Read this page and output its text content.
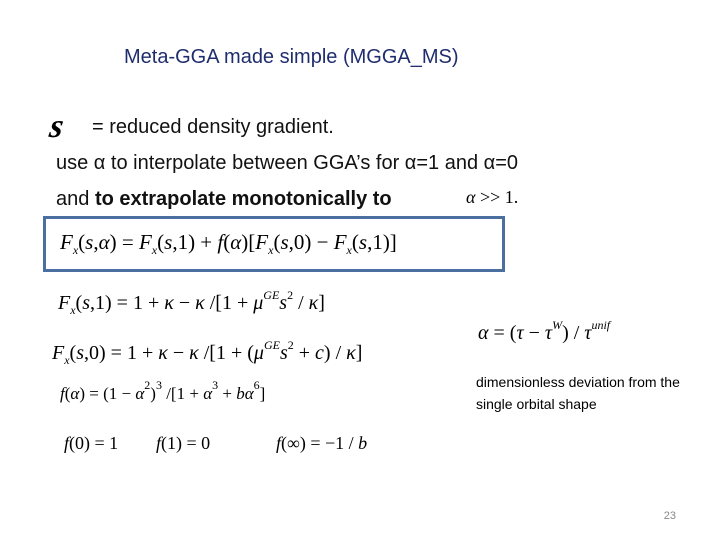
Meta-GGA made simple (MGGA_MS)
s = reduced density gradient.
use α to interpolate between GGA’s for α=1 and α=0
and to extrapolate monotonically to	α >> 1.
$F_x(s,\alpha) = F_x(s,1) + f(\alpha)[F_x(s,0) - F_x(s,1)]$
$F_x(s,1) = 1 + \kappa - \kappa$ $/[1 + \mu^{GE}s^2 / \kappa]$
$F_x(s,0) = 1 + \kappa - \kappa$ $/[1 + (\mu^{GE}s^2 + c) / \kappa]$
$f(\alpha) = (1 - \alpha^2)^3$ $/[1 + \alpha^3 + b\alpha^6]$
f(0) = 1 f(1) = 0	f(∞) = −1 / b
$\alpha = (\tau - \tau^W) / \tau^{unif}$
dimensionless deviation from the single orbital shape
23
